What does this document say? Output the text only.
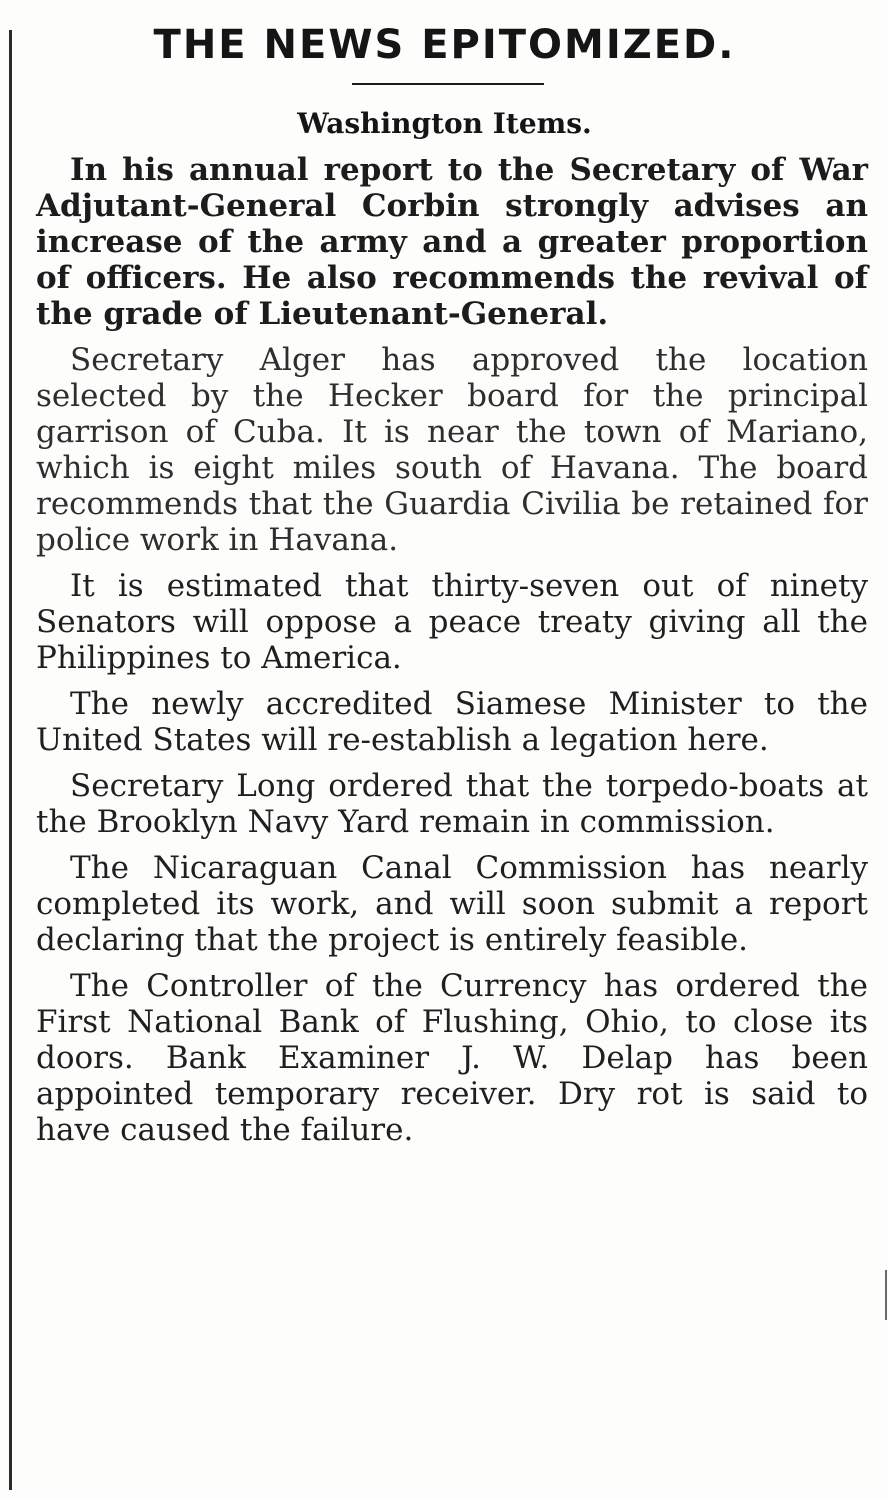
THE NEWS EPITOMIZED.
Washington Items.

In his annual report to the Secretary of War Adjutant-General Corbin strongly advises an increase of the army and a greater proportion of officers. He also recommends the revival of the grade of Lieutenant-General.

Secretary Alger has approved the location selected by the Hecker board for the principal garrison of Cuba. It is near the town of Mariano, which is eight miles south of Havana. The board recommends that the Guardia Civilia be retained for police work in Havana.

It is estimated that thirty-seven out of ninety Senators will oppose a peace treaty giving all the Philippines to America.

The newly accredited Siamese Minister to the United States will re-establish a legation here.

Secretary Long ordered that the torpedo-boats at the Brooklyn Navy Yard remain in commission.

The Nicaraguan Canal Commission has nearly completed its work, and will soon submit a report declaring that the project is entirely feasible.

The Controller of the Currency has ordered the First National Bank of Flushing, Ohio, to close its doors. Bank Examiner J. W. Delap has been appointed temporary receiver. Dry rot is said to have caused the failure.
